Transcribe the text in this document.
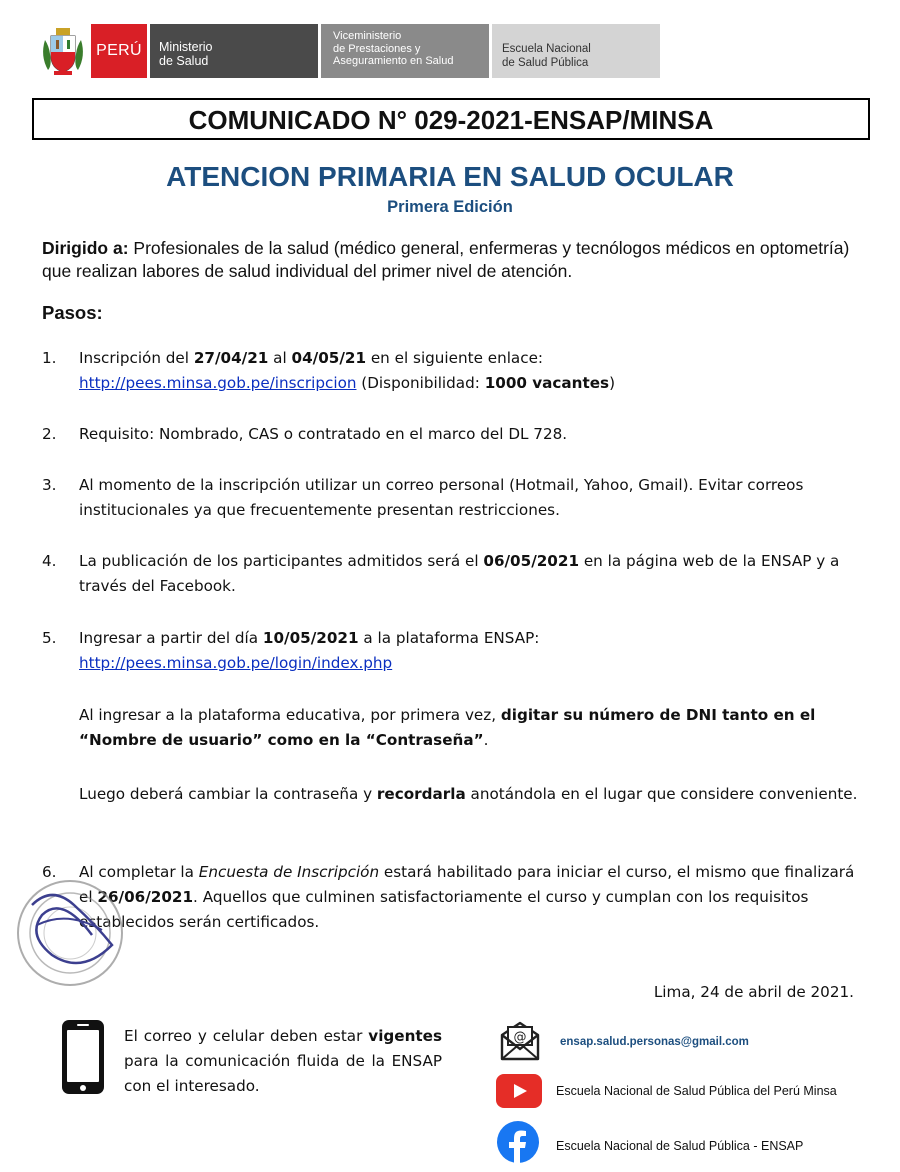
PERÚ Ministerio
de Salud
Viceministerio
de Prestaciones y
Aseguramiento en Salud
Escuela Nacional
de Salud Pública
COMUNICADO N° 029-2021-ENSAP/MINSA
ATENCION PRIMARIA EN SALUD OCULAR
Primera Edición
Dirigido a: Profesionales de la salud (médico general, enfermeras y tecnólogos médicos en optometría) que realizan labores de salud individual del primer nivel de atención.
Pasos:
1. Inscripción del 27/04/21 al 04/05/21 en el siguiente enlace:
http://pees.minsa.gob.pe/inscripcion (Disponibilidad: 1000 vacantes)
2. Requisito: Nombrado, CAS o contratado en el marco del DL 728.
3. Al momento de la inscripción utilizar un correo personal (Hotmail, Yahoo, Gmail). Evitar correos institucionales ya que frecuentemente presentan restricciones.
4. La publicación de los participantes admitidos será el 06/05/2021 en la página web de la ENSAP y a través del Facebook.
5. Ingresar a partir del día 10/05/2021 a la plataforma ENSAP:
http://pees.minsa.gob.pe/login/index.php
Al ingresar a la plataforma educativa, por primera vez, digitar su número de DNI tanto en el “Nombre de usuario” como en la “Contraseña”.
Luego deberá cambiar la contraseña y recordarla anotándola en el lugar que considere conveniente.
6. Al completar la Encuesta de Inscripción estará habilitado para iniciar el curso, el mismo que finalizará el 26/06/2021. Aquellos que culminen satisfactoriamente el curso y cumplan con los requisitos establecidos serán certificados.
Lima, 24 de abril de 2021.
El correo y celular deben estar vigentes para la comunicación fluida de la ENSAP con el interesado.
@	ensap.salud.personas@gmail.com
Escuela Nacional de Salud Pública del Perú Minsa
Escuela Nacional de Salud Pública - ENSAP
